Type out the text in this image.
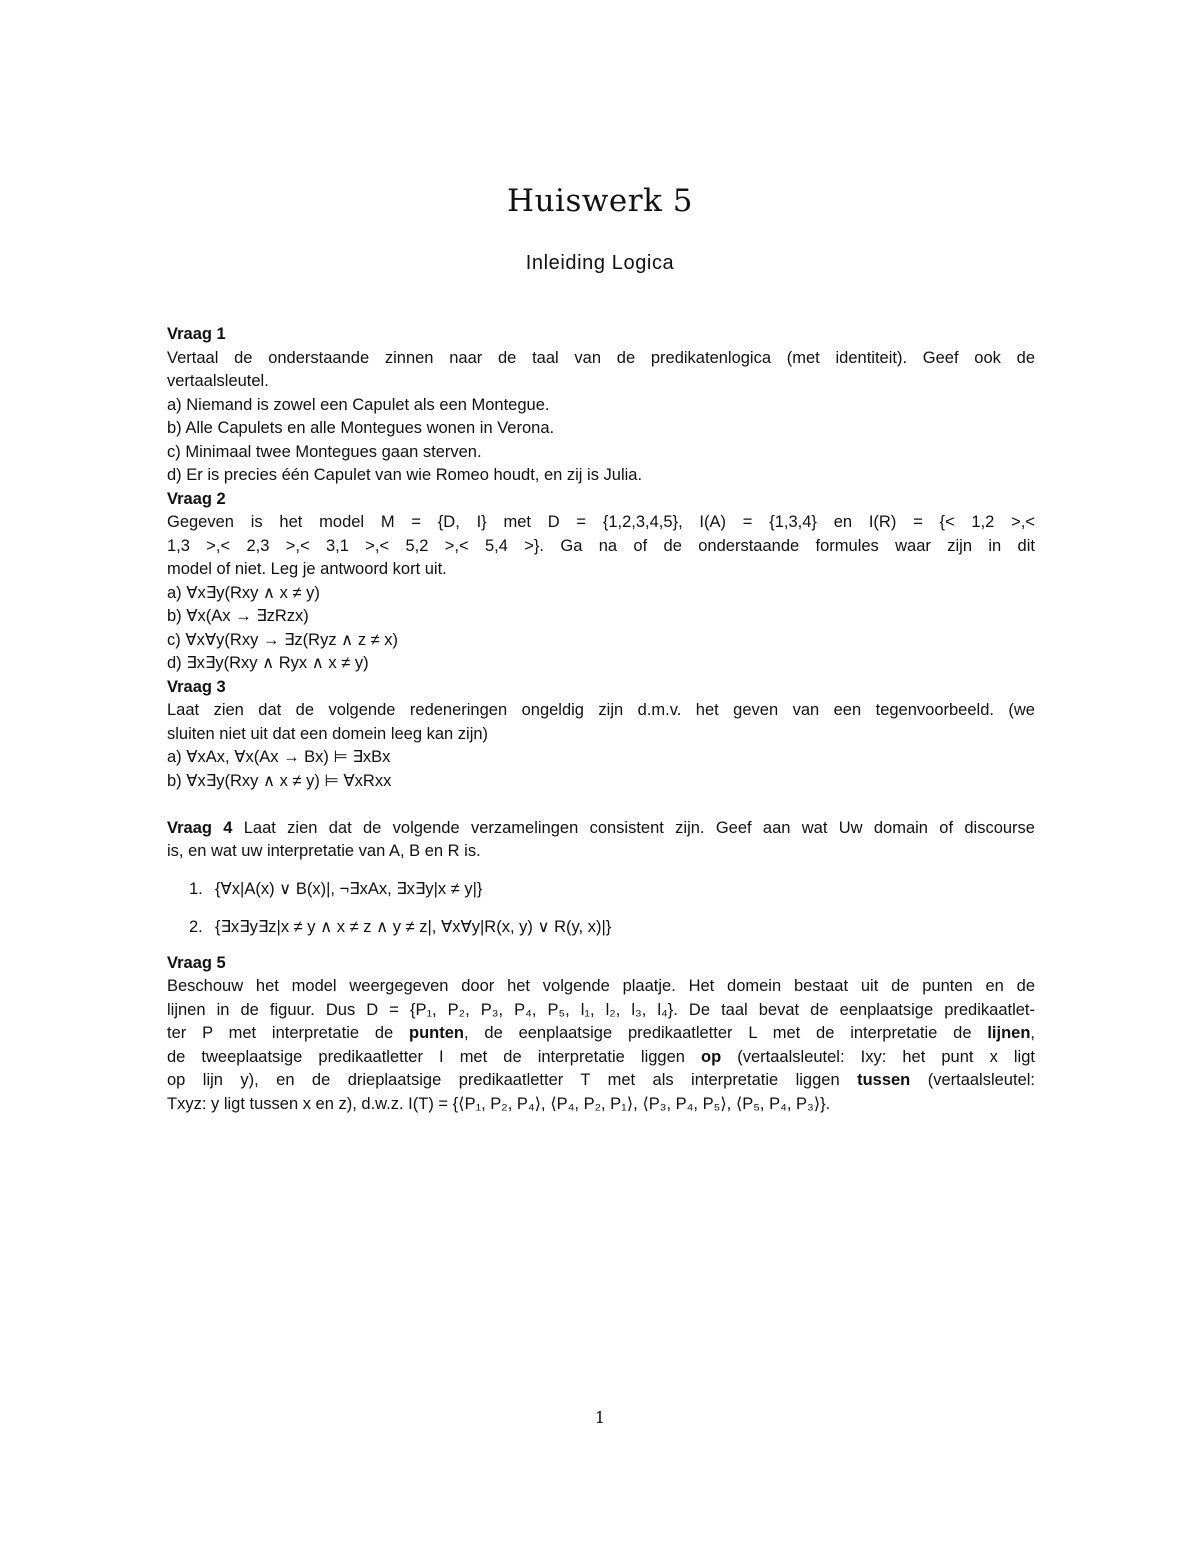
Huiswerk 5
Inleiding Logica
Vraag 1
Vertaal de onderstaande zinnen naar de taal van de predikatenlogica (met identiteit). Geef ook de
vertaalsleutel.
a) Niemand is zowel een Capulet als een Montegue.
b) Alle Capulets en alle Montegues wonen in Verona.
c) Minimaal twee Montegues gaan sterven.
d) Er is precies één Capulet van wie Romeo houdt, en zij is Julia.
Vraag 2
Gegeven is het model M = {D, I} met D = {1,2,3,4,5}, I(A) = {1,3,4} en I(R) = {< 1,2 >,<
1,3 >,< 2,3 >,< 3,1 >,< 5,2 >,< 5,4 >}. Ga na of de onderstaande formules waar zijn in dit
model of niet. Leg je antwoord kort uit.
a) ∀x∃y(Rxy ∧ x ≠ y)
b) ∀x(Ax → ∃zRzx)
c) ∀x∀y(Rxy → ∃z(Ryz ∧ z ≠ x)
d) ∃x∃y(Rxy ∧ Ryx ∧ x ≠ y)
Vraag 3
Laat zien dat de volgende redeneringen ongeldig zijn d.m.v. het geven van een tegenvoorbeeld. (we
sluiten niet uit dat een domein leeg kan zijn)
a) ∀xAx, ∀x(Ax → Bx) ⊨ ∃xBx
b) ∀x∃y(Rxy ∧ x ≠ y) ⊨ ∀xRxx
Vraag 4 Laat zien dat de volgende verzamelingen consistent zijn. Geef aan wat Uw domain of discourse
is, en wat uw interpretatie van A, B en R is.
1. {∀x|A(x) ∨ B(x)|, ¬∃xAx, ∃x∃y|x ≠ y|}
2. {∃x∃y∃z|x ≠ y ∧ x ≠ z ∧ y ≠ z|, ∀x∀y|R(x, y) ∨ R(y, x)|}
Vraag 5
Beschouw het model weergegeven door het volgende plaatje. Het domein bestaat uit de punten en de
lijnen in de figuur. Dus D = {P₁, P₂, P₃, P₄, P₅, l₁, l₂, l₃, l₄}. De taal bevat de eenplaatsige predikaatlet-
ter P met interpretatie de punten, de eenplaatsige predikaatletter L met de interpretatie de lijnen,
de tweeplaatsige predikaatletter I met de interpretatie liggen op (vertaalsleutel: Ixy: het punt x ligt
op lijn y), en de drieplaatsige predikaatletter T met als interpretatie liggen tussen (vertaalsleutel:
Txyz: y ligt tussen x en z), d.w.z. I(T) = {⟨P₁, P₂, P₄⟩, ⟨P₄, P₂, P₁⟩, ⟨P₃, P₄, P₅⟩, ⟨P₅, P₄, P₃⟩}.
1
